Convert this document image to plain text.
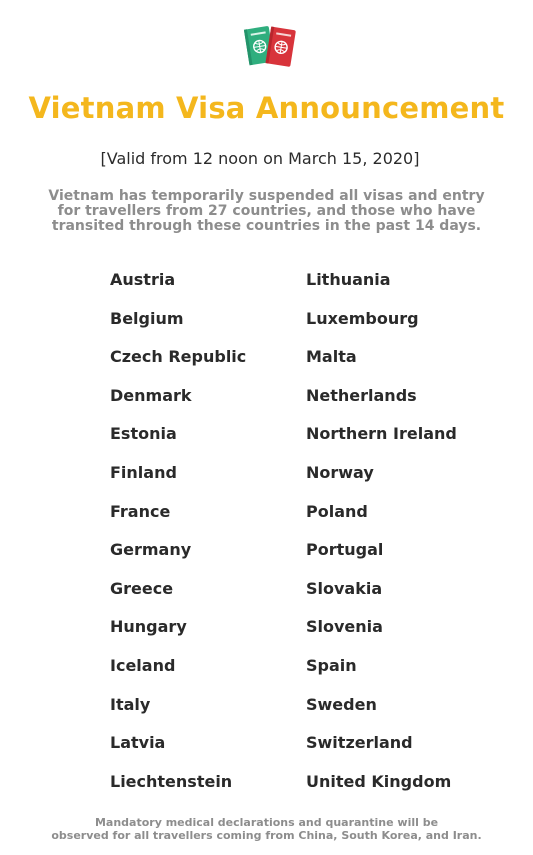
Vietnam Visa Announcement
[Valid from 12 noon on March 15, 2020]
Vietnam has temporarily suspended all visas and entry
for travellers from 27 countries, and those who have
transited through these countries in the past 14 days.
Austria
Belgium
Czech Republic
Denmark
Estonia
Finland
France
Germany
Greece
Hungary
Iceland
Italy
Latvia
Liechtenstein
Lithuania
Luxembourg
Malta
Netherlands
Northern Ireland
Norway
Poland
Portugal
Slovakia
Slovenia
Spain
Sweden
Switzerland
United Kingdom
Mandatory medical declarations and quarantine will be
observed for all travellers coming from China, South Korea, and Iran.
